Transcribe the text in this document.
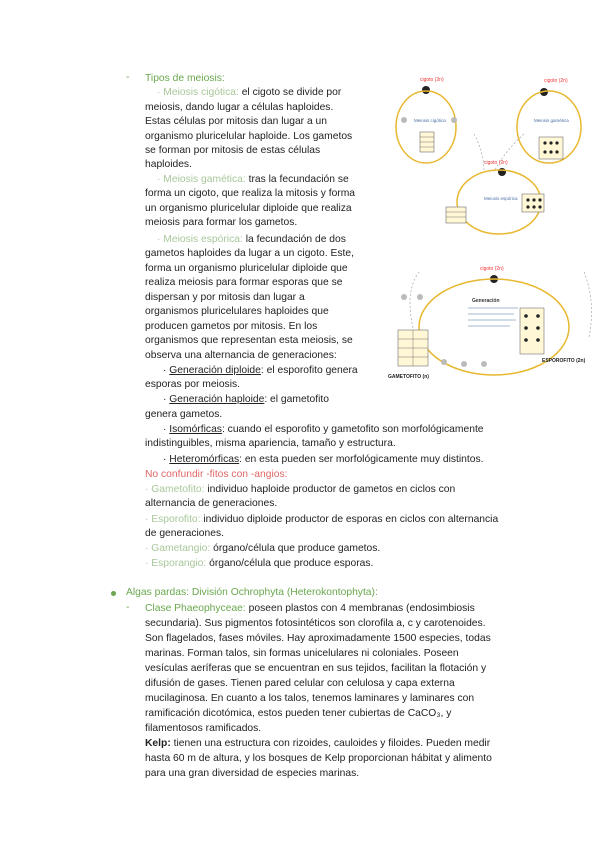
- Tipos de meiosis:
· Meiosis cigótica: el cigoto se divide por
meiosis, dando lugar a células haploides.
Estas células por mitosis dan lugar a un
organismo pluricelular haploide. Los gametos
se forman por mitosis de estas células
haploides.
· Meiosis gamética: tras la fecundación se
forma un cigoto, que realiza la mitosis y forma
un organismo pluricelular diploide que realiza
meiosis para formar los gametos.
· Meiosis espórica: la fecundación de dos
gametos haploides da lugar a un cigoto. Este,
forma un organismo pluricelular diploide que
realiza meiosis para formar esporas que se
dispersan y por mitosis dan lugar a
organismos pluricelulares haploides que
producen gametos por mitosis. En los
organismos que representan esta meiosis, se
observa una alternancia de generaciones:
· Generación diploide: el esporofito genera
esporas por meiosis.
· Generación haploide: el gametofito
genera gametos.
· Isomórficas: cuando el esporofito y gametofito son morfológicamente
indistinguibles, misma apariencia, tamaño y estructura.
· Heteromórficas: en esta pueden ser morfológicamente muy distintos.
No confundir -fitos con -angios:
· Gametofito: individuo haploide productor de gametos en ciclos con
alternancia de generaciones.
· Esporofito: individuo diploide productor de esporas en ciclos con alternancia
de generaciones.
· Gametangio: órgano/célula que produce gametos.
· Esporangio: órgano/célula que produce esporas.
Algas pardas: División Ochrophyta (Heterokontophyta):
- Clase Phaeophyceae: poseen plastos con 4 membranas (endosimbiosis
secundaria). Sus pigmentos fotosintéticos son clorofila a, c y carotenoides.
Son flagelados, fases móviles. Hay aproximadamente 1500 especies, todas
marinas. Forman talos, sin formas unicelulares ni coloniales. Poseen
vesículas aeríferas que se encuentran en sus tejidos, facilitan la flotación y
difusión de gases. Tienen pared celular con celulosa y capa externa
mucilaginosa. En cuanto a los talos, tenemos laminares y laminares con
ramificación dicotómica, estos pueden tener cubiertas de CaCO₃, y
filamentosos ramificados.
Kelp: tienen una estructura con rizoides, cauloides y filoides. Pueden medir
hasta 60 m de altura, y los bosques de Kelp proporcionan hábitat y alimento
para una gran diversidad de especies marinas.
cigoto (2n)
Meiosis cigótica
cigoto (2n)
Meiosis gamética
cigoto (2n)
Meiosis espórica
cigoto (2n)
Generación
ESPOROFITO (2n)
GAMETOFITO (n)
